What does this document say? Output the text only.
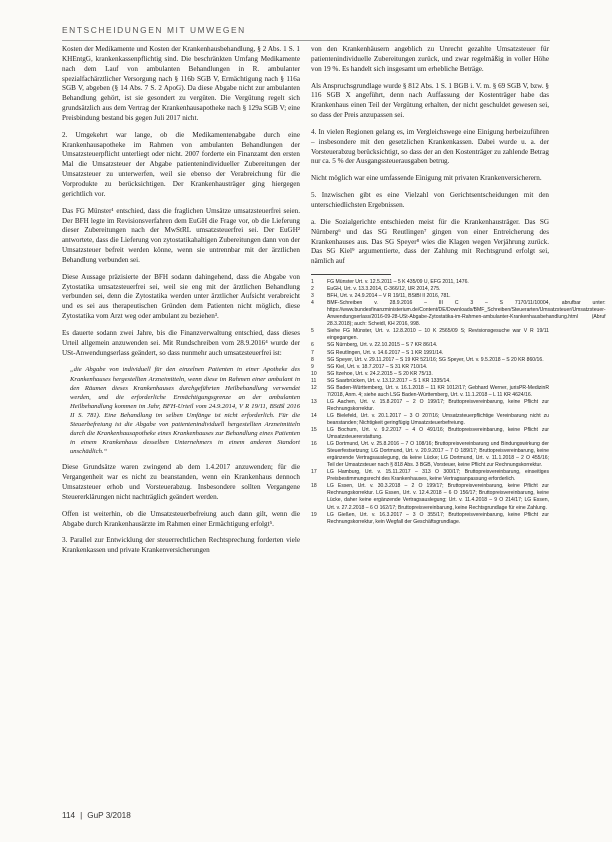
ENTSCHEIDUNGEN MIT UMWEGEN

Kosten der Medikamente und Kosten der Krankenhausbehandlung, § 2 Abs. 1 S. 1 KHEntgG, krankenkassenpflichtig sind. Die beschränkten Umfang Medikamente nach dem Lauf von ambulanten Behandlungen in R. ambulanter spezialfachärztlicher Versorgung nach § 116b SGB V, Ermächtigung nach § 116a SGB V, abgeben (§ 14 Abs. 7 S. 2 ApoG). Da diese Abgabe nicht zur ambulanten Behandlung gehört, ist sie gesondert zu vergüten. Die Vergütung regelt sich grundsätzlich aus dem Vertrag der Krankenhausapotheke nach § 129a SGB V; eine Preisbindung bestand bis gegen Juli 2017 nicht.

2. Umgekehrt war lange, ob die Medikamentenabgabe durch eine Krankenhausapotheke im Rahmen von ambulanten Behandlungen der Umsatzsteuerpflicht unterliegt oder nicht. 2007 forderte ein Finanzamt den ersten Mal die Umsatzsteuer der Abgabe patientenindividueller Zubereitungen der Umsatzsteuer zu unterwerfen, weil sie ebenso der Verabreichung für die Vorprodukte zu berücksichtigen. Der Krankenhausträger ging hiergegen gerichtlich vor.

Das FG Münster¹ entschied, dass die fraglichen Umsätze umsatzsteuerfrei seien. Der BFH legte im Revisionsverfahren dem EuGH die Frage vor, ob die Lieferung dieser Zubereitungen nach der MwStRL umsatzsteuerfrei sei. Der EuGH² antwortete, dass die Lieferung von zytostatikahaltigen Zubereitungen dann von der Umsatzsteuer befreit werden könne, wenn sie untrennbar mit der ärztlichen Behandlung verbunden sei.

Diese Aussage präzisierte der BFH sodann dahingehend, dass die Abgabe von Zytostatika umsatzsteuerfrei sei, weil sie eng mit der ärztlichen Behandlung verbunden sei, denn die Zytostatika werden unter ärztlicher Aufsicht verabreicht und es sei aus therapeutischen Gründen dem Patienten nicht möglich, diese Zytostatika vom Arzt weg oder ambulant zu beziehen³.

Es dauerte sodann zwei Jahre, bis die Finanzverwaltung entschied, dass dieses Urteil allgemein anzuwenden sei. Mit Rundschreiben vom 28.9.2016⁴ wurde der USt-Anwendungserlass geändert, so dass nunmehr auch umsatzsteuerfrei ist:

„die Abgabe von individuell für den einzelnen Patienten in einer Apotheke des Krankenhauses hergestellten Arzneimitteln, wenn diese im Rahmen einer ambulant in den Räumen dieses Krankenhauses durchgeführten Heilbehandlung verwendet werden, und die erforderliche Ermächtigungsgrenze an der ambulanten Heilbehandlung kommen im Jahr, BFH-Urteil vom 24.9.2014, V R 19/11, BStBl 2016 II S. 781). Eine Behandlung im selben Umfänge ist nicht erforderlich. Für die Steuerbefreiung ist die Abgabe von patientenindividuell hergestellten Arzneimitteln durch die Krankenhausapotheke eines Krankenhauses zur Behandlung eines Patienten in einem Krankenhaus desselben Unternehmers in einem anderen Standort unschädlich.“

Diese Grundsätze waren zwingend ab dem 1.4.2017 anzuwenden; für die Vergangenheit war es nicht zu beanstanden, wenn ein Krankenhaus dennoch Umsatzsteuer erhob und Vorsteuerabzug. Insbesondere sollten Vergangene Steuererklärungen nicht nachträglich geändert werden.

Offen ist weiterhin, ob die Umsatzsteuerbefreiung auch dann gilt, wenn die Abgabe durch Krankenhausärzte im Rahmen einer Ermächtigung erfolgt⁵.

3. Parallel zur Entwicklung der steuerrechtlichen Rechtsprechung forderten viele Krankenkassen und private Krankenversicherungen

von den Krankenhäusern angeblich zu Unrecht gezahlte Umsatzsteuer für patientenindividuelle Zubereitungen zurück, und zwar regelmäßig in voller Höhe von 19 %. Es handelt sich insgesamt um erhebliche Beträge.

Als Anspruchsgrundlage wurde § 812 Abs. 1 S. 1 BGB i. V. m. § 69 SGB V, bzw. § 116 SGB X angeführt, denn nach Auffassung der Kostenträger habe das Krankenhaus einen Teil der Vergütung erhalten, der nicht geschuldet gewesen sei, so dass der Preis anzupassen sei.

4. In vielen Regionen gelang es, im Vergleichswege eine Einigung herbeizuführen – insbesondere mit den gesetzlichen Krankenkassen. Dabei wurde u. a. der Vorsteuerabzug berücksichtigt, so dass der an den Kostenträger zu zahlende Betrag nur ca. 5 % der Ausgangssteuerausgaben betrug.

Nicht möglich war eine umfassende Einigung mit privaten Krankenversicherern.

5. Inzwischen gibt es eine Vielzahl von Gerichtsentscheidungen mit den unterschiedlichsten Ergebnissen.

a. Die Sozialgerichte entschieden meist für die Krankenhausträger. Das SG Nürnberg⁶ und das SG Reutlingen⁷ gingen von einer Entreicherung des Krankenhauses aus. Das SG Speyer⁸ wies die Klagen wegen Verjährung zurück. Das SG Kiel⁹ argumentierte, dass der Zahlung mit Rechtsgrund erfolgt sei, nämlich auf

1	FG Münster Urt. v. 12.5.2011 – 5 K 435/09 U, EFG 2011, 1476.
2	EuGH, Urt. v. 13.3.2014, C-366/12, UR 2014, 275.
3	BFH, Urt. v. 24.9.2014 – V R 19/11, BStBl II 2016, 781.
4	BMF-Schreiben v. 28.9.2016 – III C 3 – S 7170/11/10004, abrufbar unter: https://www.bundesfinanzministerium.de/Content/DE/Downloads/BMF_Schreiben/Steuerarten/Umsatzsteuer/Umsatzsteuer-Anwendungserlass/2016-09-28-USt-Abgabe-Zytostatika-im-Rahmen-ambulanter-Krankenhausbehandlung.html (Abruf 28.3.2018); auch: Scheidl, KH 2016, 998.
5	Siehe FG Münster, Urt. v. 12.8.2010 – 10 K 2565/09 S; Revisionsgesuche war V R 19/11 eingegangen.
6	SG Nürnberg, Urt. v. 22.10.2015 – S 7 KR 86/14.
7	SG Reutlingen, Urt. v. 14.6.2017 – S 1 KR 1991/14.
8	SG Speyer, Urt. v. 29.11.2017 – S 19 KR 521/16; SG Speyer, Urt. v. 9.5.2018 – S 20 KR 860/16.
9	SG Kiel, Urt. v. 18.7.2017 – S 31 KR 710/14.
10	SG Itzehoe, Urt. v. 24.2.2015 – S 20 KR 75/13.
11	SG Saarbrücken, Urt. v. 13.12.2017 – S 1 KR 1335/14.
12	SG Baden-Württemberg, Urt. v. 16.1.2018 – 11 KR 1012/17; Gebhard Werner, jurisPR-MedizinR 7/2018, Anm. 4; siehe auch LSG Baden-Württemberg, Urt. v. 11.1.2018 – L 11 KR 4624/16.
13	LG Aachen, Urt. v. 15.8.2017 – 2 O 199/17; Bruttopreisvereinbarung, keine Pflicht zur Rechnungskorrektur.
14	LG Bielefeld, Urt. v. 20.1.2017 – 3 O 207/16; Umsatzsteuerpflichtige Vereinbarung nicht zu beanstanden; Nichtigkeit geringfügig Umsatzsteuerbefreiung.
15	LG Bochum, Urt. v. 9.2.2017 – 4 O 491/16; Bruttopreisvereinbarung, keine Pflicht zur Umsatzsteuererstattung.
16	LG Dortmund, Urt. v. 25.8.2016 – 7 O 108/16; Bruttopreisvereinbarung und Bindungswirkung der Steuerfestsetzung; LG Dortmund, Urt. v. 20.9.2017 – 7 O 189/17; Bruttopreisvereinbarung, keine ergänzende Vertragsauslegung, da keine Lücke; LG Dortmund, Urt. v. 11.1.2018 – 2 O 455/16; Teil der Umsatzsteuer nach § 818 Abs. 3 BGB, Vorsteuer, keine Pflicht zur Rechnungskorrektur.
17	LG Hamburg, Urt. v. 15.11.2017 – 313 O 300/17; Bruttopreisvereinbarung, einseitiges Preisbestimmungsrecht des Krankenhauses, keine Vertragsanpassung erforderlich.
18	LG Essen, Urt. v. 30.3.2018 – 2 O 199/17; Bruttopreisvereinbarung, keine Pflicht zur Rechnungskorrektur. LG Essen, Urt. v. 12.4.2018 – 6 O 156/17; Bruttopreisvereinbarung, keine Lücke, daher keine ergänzende Vertragsauslegung; Urt. v. 11.4.2018 – 9 O 214/17; LG Essen, Urt. v. 27.2.2018 – 6 O 162/17; Bruttopreisvereinbarung, keine Rechtsgrundlage für eine Zahlung.
19	LG Gießen, Urt. v. 16.3.2017 – 3 O 355/17; Bruttopreisvereinbarung, keine Pflicht zur Rechnungskorrektur, kein Wegfall der Geschäftsgrundlage.
114 | GuP 3/2018
